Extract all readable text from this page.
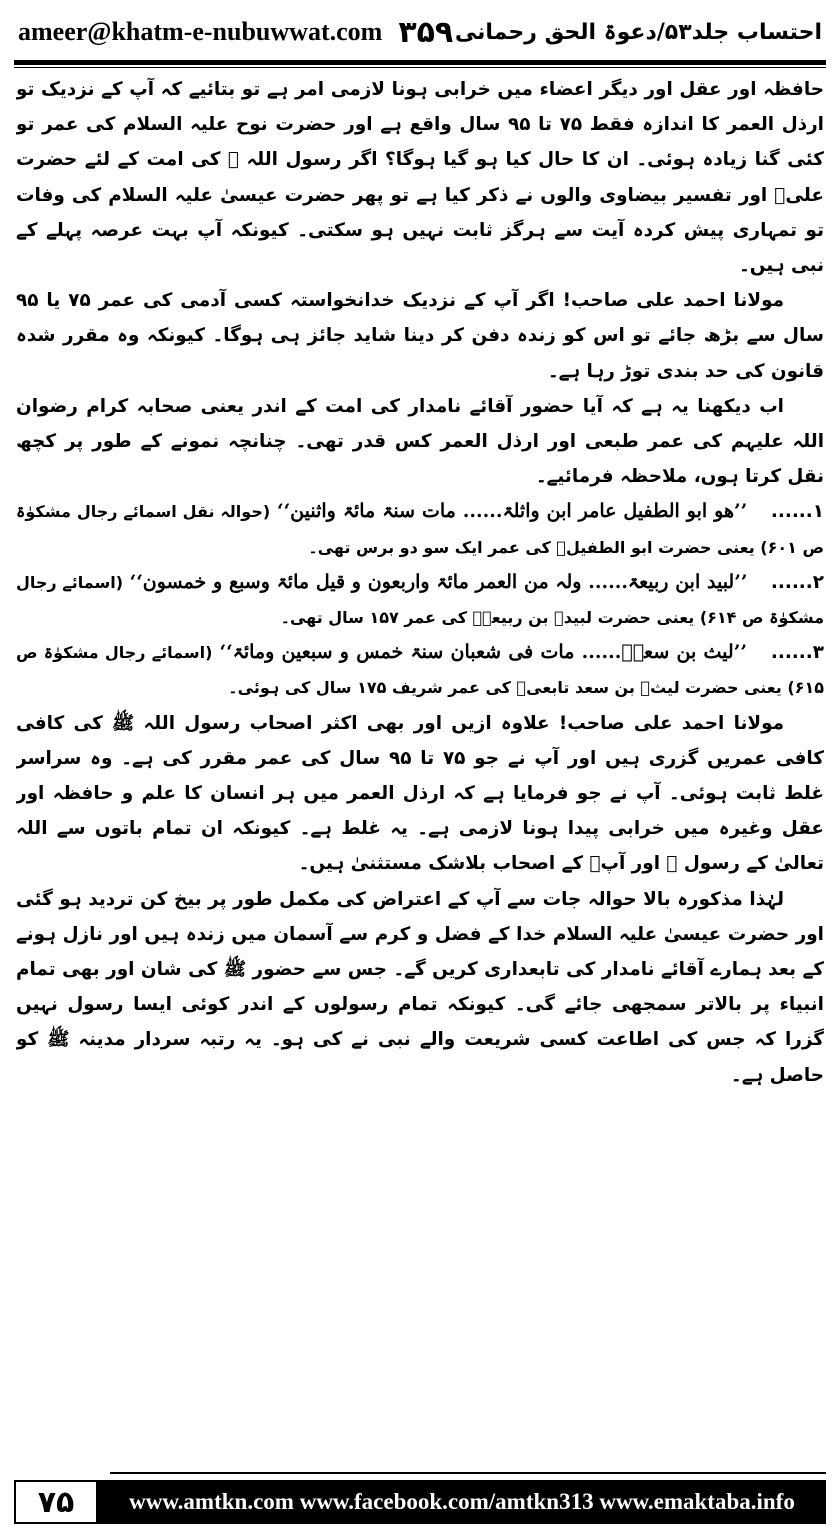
ameer@khatm-e-nubuwwat.com ۳۵۹ احتساب جلد۵۳/دعوۃ الحق رحمانی

حافظہ اور عقل اور دیگر اعضاء میں خرابی ہونا لازمی امر ہے تو بتائیے کہ آپ کے نزدیک تو ارذل العمر کا اندازہ فقط ۷۵ تا ۹۵ سال واقع ہے اور حضرت نوح علیہ السلام کی عمر تو کئی گنا زیادہ ہوئی۔ ان کا حال کیا ہو گیا ہوگا؟ اگر رسول اللہ ﷺ کی امت کے لئے حضرت علیؓ اور تفسیر بیضاوی والوں نے ذکر کیا ہے تو پھر حضرت عیسیٰ علیہ السلام کی وفات تو تمہاری پیش کردہ آیت سے ہرگز ثابت نہیں ہو سکتی۔ کیونکہ آپ بہت عرصہ پہلے کے نبی ہیں۔

مولانا احمد علی صاحب! اگر آپ کے نزدیک خدانخواستہ کسی آدمی کی عمر ۷۵ یا ۹۵ سال سے بڑھ جائے تو اس کو زندہ دفن کر دینا شاید جائز ہی ہوگا۔ کیونکہ وہ مقرر شدہ قانون کی حد بندی توڑ رہا ہے۔

اب دیکھنا یہ ہے کہ آیا حضور آقائے نامدار کی امت کے اندر یعنی صحابہ کرام رضوان اللہ علیہم کی عمر طبعی اور ارذل العمر کس قدر تھی۔ چنانچہ نمونے کے طور پر کچھ نقل کرتا ہوں، ملاحظہ فرمائیے۔

۱...... ’’ھو ابو الطفیل عامر ابن واثلۃ...... مات سنۃ مائۃ واثنین‘‘ (حوالہ نقل اسمائے رجال مشکوٰۃ ص ۶۰۱) یعنی حضرت ابو الطفیلؓ کی عمر ایک سو دو برس تھی۔

۲...... ’’لبید ابن ربیعۃ...... ولہ من العمر مائۃ واربعون و قیل مائۃ وسبع و خمسون‘‘ (اسمائے رجال مشکوٰۃ ص ۶۱۴) یعنی حضرت لبیدؓ بن ربیعہؓ کی عمر ۱۵۷ سال تھی۔

۳...... ’’لیث بن سعدؓ...... مات فی شعبان سنۃ خمس و سبعین ومائۃ‘‘ (اسمائے رجال مشکوٰۃ ص ۶۱۵) یعنی حضرت لیثؓ بن سعد تابعیؒ کی عمر شریف ۱۷۵ سال کی ہوئی۔

مولانا احمد علی صاحب! علاوہ ازیں اور بھی اکثر اصحاب رسول اللہ ﷺ کی کافی کافی عمریں گزری ہیں اور آپ نے جو ۷۵ تا ۹۵ سال کی عمر مقرر کی ہے۔ وہ سراسر غلط ثابت ہوئی۔ آپ نے جو فرمایا ہے کہ ارذل العمر میں ہر انسان کا علم و حافظہ اور عقل وغیرہ میں خرابی پیدا ہونا لازمی ہے۔ یہ غلط ہے۔ کیونکہ ان تمام باتوں سے اللہ تعالیٰ کے رسول ﷺ اور آپؐ کے اصحاب بلاشک مستثنیٰ ہیں۔

لہٰذا مذکورہ بالا حوالہ جات سے آپ کے اعتراض کی مکمل طور پر بیخ کن تردید ہو گئی اور حضرت عیسیٰ علیہ السلام خدا کے فضل و کرم سے آسمان میں زندہ ہیں اور نازل ہونے کے بعد ہمارے آقائے نامدار کی تابعداری کریں گے۔ جس سے حضور ﷺ کی شان اور بھی تمام انبیاء پر بالاتر سمجھی جائے گی۔ کیونکہ تمام رسولوں کے اندر کوئی ایسا رسول نہیں گزرا کہ جس کی اطاعت کسی شریعت والے نبی نے کی ہو۔ یہ رتبہ سردار مدینہ ﷺ کو حاصل ہے۔

۷۵	www.amtkn.com www.facebook.com/amtkn313 www.emaktaba.info
